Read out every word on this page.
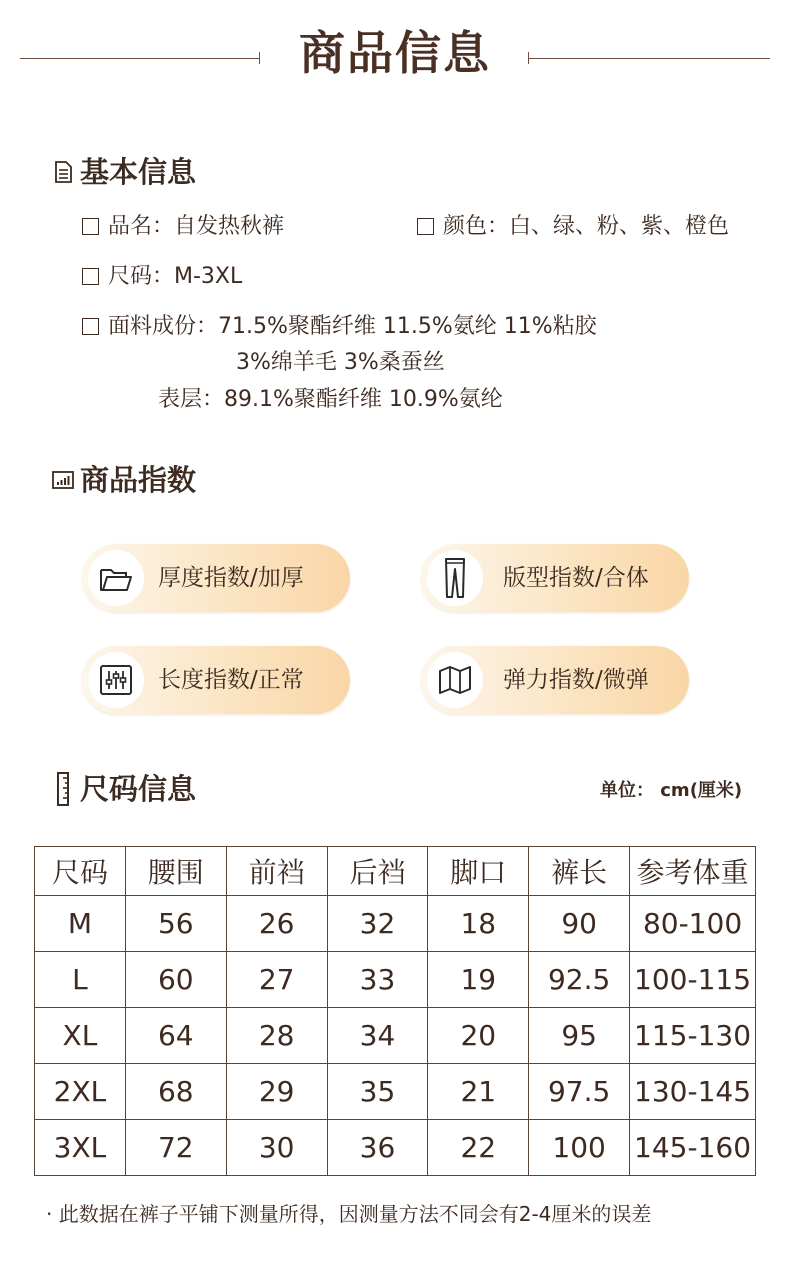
商品信息
基本信息
品名：自发热秋裤	颜色：白、绿、粉、紫、橙色
尺码：M-3XL
面料成份：71.5%聚酯纤维 11.5%氨纶 11%粘胶
3%绵羊毛 3%桑蚕丝
表层：89.1%聚酯纤维 10.9%氨纶
商品指数
厚度指数/加厚	版型指数/合体
长度指数/正常	弹力指数/微弹
尺码信息	单位： cm(厘米)
尺码	腰围	前裆	后裆	脚口	裤长	参考体重
M	56	26	32	18	90	80-100
L	60	27	33	19	92.5	100-115
XL	64	28	34	20	95	115-130
2XL	68	29	35	21	97.5	130-145
3XL	72	30	36	22	100	145-160
· 此数据在裤子平铺下测量所得，因测量方法不同会有2-4厘米的误差
